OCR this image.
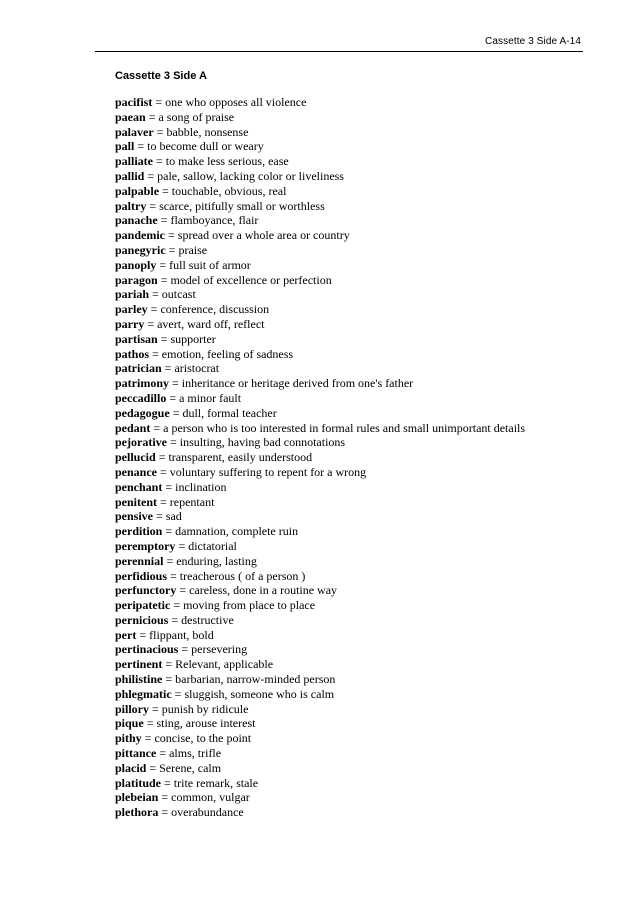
Cassette 3 Side A-14
Cassette 3 Side A
pacifist = one who opposes all violence
paean = a song of praise
palaver = babble, nonsense
pall = to become dull or weary
palliate = to make less serious, ease
pallid = pale, sallow, lacking color or liveliness
palpable = touchable, obvious, real
paltry = scarce, pitifully small or worthless
panache = flamboyance, flair
pandemic = spread over a whole area or country
panegyric = praise
panoply = full suit of armor
paragon = model of excellence or perfection
pariah = outcast
parley = conference, discussion
parry = avert, ward off, reflect
partisan = supporter
pathos = emotion, feeling of sadness
patrician = aristocrat
patrimony = inheritance or heritage derived from one's father
peccadillo = a minor fault
pedagogue = dull, formal teacher
pedant = a person who is too interested in formal rules and small unimportant details
pejorative = insulting, having bad connotations
pellucid = transparent, easily understood
penance = voluntary suffering to repent for a wrong
penchant = inclination
penitent = repentant
pensive = sad
perdition = damnation, complete ruin
peremptory = dictatorial
perennial = enduring, lasting
perfidious = treacherous ( of a person )
perfunctory = careless, done in a routine way
peripatetic = moving from place to place
pernicious = destructive
pert = flippant, bold
pertinacious = persevering
pertinent = Relevant, applicable
philistine = barbarian, narrow-minded person
phlegmatic = sluggish, someone who is calm
pillory = punish by ridicule
pique = sting, arouse interest
pithy = concise, to the point
pittance = alms, trifle
placid = Serene, calm
platitude = trite remark, stale
plebeian = common, vulgar
plethora = overabundance
